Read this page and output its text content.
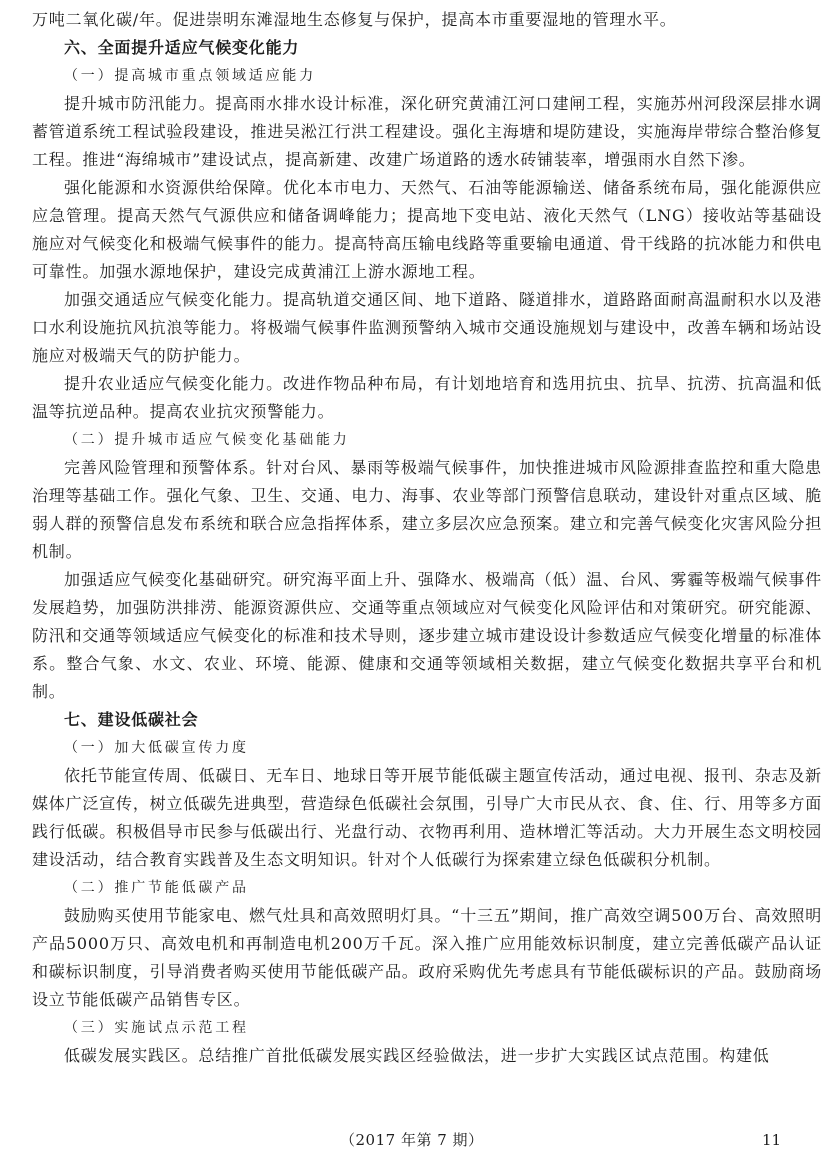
万吨二氧化碳/年。促进崇明东滩湿地生态修复与保护，提高本市重要湿地的管理水平。

六、全面提升适应气候变化能力

（一）提高城市重点领域适应能力

提升城市防汛能力。提高雨水排水设计标准，深化研究黄浦江河口建闸工程，实施苏州河段深层排水调蓄管道系统工程试验段建设，推进吴淞江行洪工程建设。强化主海塘和堤防建设，实施海岸带综合整治修复工程。推进“海绵城市”建设试点，提高新建、改建广场道路的透水砖铺装率，增强雨水自然下渗。

强化能源和水资源供给保障。优化本市电力、天然气、石油等能源输送、储备系统布局，强化能源供应应急管理。提高天然气气源供应和储备调峰能力；提高地下变电站、液化天然气（LNG）接收站等基础设施应对气候变化和极端气候事件的能力。提高特高压输电线路等重要输电通道、骨干线路的抗冰能力和供电可靠性。加强水源地保护，建设完成黄浦江上游水源地工程。

加强交通适应气候变化能力。提高轨道交通区间、地下道路、隧道排水，道路路面耐高温耐积水以及港口水利设施抗风抗浪等能力。将极端气候事件监测预警纳入城市交通设施规划与建设中，改善车辆和场站设施应对极端天气的防护能力。

提升农业适应气候变化能力。改进作物品种布局，有计划地培育和选用抗虫、抗旱、抗涝、抗高温和低温等抗逆品种。提高农业抗灾预警能力。

（二）提升城市适应气候变化基础能力

完善风险管理和预警体系。针对台风、暴雨等极端气候事件，加快推进城市风险源排查监控和重大隐患治理等基础工作。强化气象、卫生、交通、电力、海事、农业等部门预警信息联动，建设针对重点区域、脆弱人群的预警信息发布系统和联合应急指挥体系，建立多层次应急预案。建立和完善气候变化灾害风险分担机制。

加强适应气候变化基础研究。研究海平面上升、强降水、极端高（低）温、台风、雾霾等极端气候事件发展趋势，加强防洪排涝、能源资源供应、交通等重点领域应对气候变化风险评估和对策研究。研究能源、防汛和交通等领域适应气候变化的标准和技术导则，逐步建立城市建设设计参数适应气候变化增量的标准体系。整合气象、水文、农业、环境、能源、健康和交通等领域相关数据，建立气候变化数据共享平台和机制。

七、建设低碳社会

（一）加大低碳宣传力度

依托节能宣传周、低碳日、无车日、地球日等开展节能低碳主题宣传活动，通过电视、报刊、杂志及新媒体广泛宣传，树立低碳先进典型，营造绿色低碳社会氛围，引导广大市民从衣、食、住、行、用等多方面践行低碳。积极倡导市民参与低碳出行、光盘行动、衣物再利用、造林增汇等活动。大力开展生态文明校园建设活动，结合教育实践普及生态文明知识。针对个人低碳行为探索建立绿色低碳积分机制。

（二）推广节能低碳产品

鼓励购买使用节能家电、燃气灶具和高效照明灯具。“十三五”期间，推广高效空调500万台、高效照明产品5000万只、高效电机和再制造电机200万千瓦。深入推广应用能效标识制度，建立完善低碳产品认证和碳标识制度，引导消费者购买使用节能低碳产品。政府采购优先考虑具有节能低碳标识的产品。鼓励商场设立节能低碳产品销售专区。

（三）实施试点示范工程

低碳发展实践区。总结推广首批低碳发展实践区经验做法，进一步扩大实践区试点范围。构建低

（2017 年第 7 期）	11
